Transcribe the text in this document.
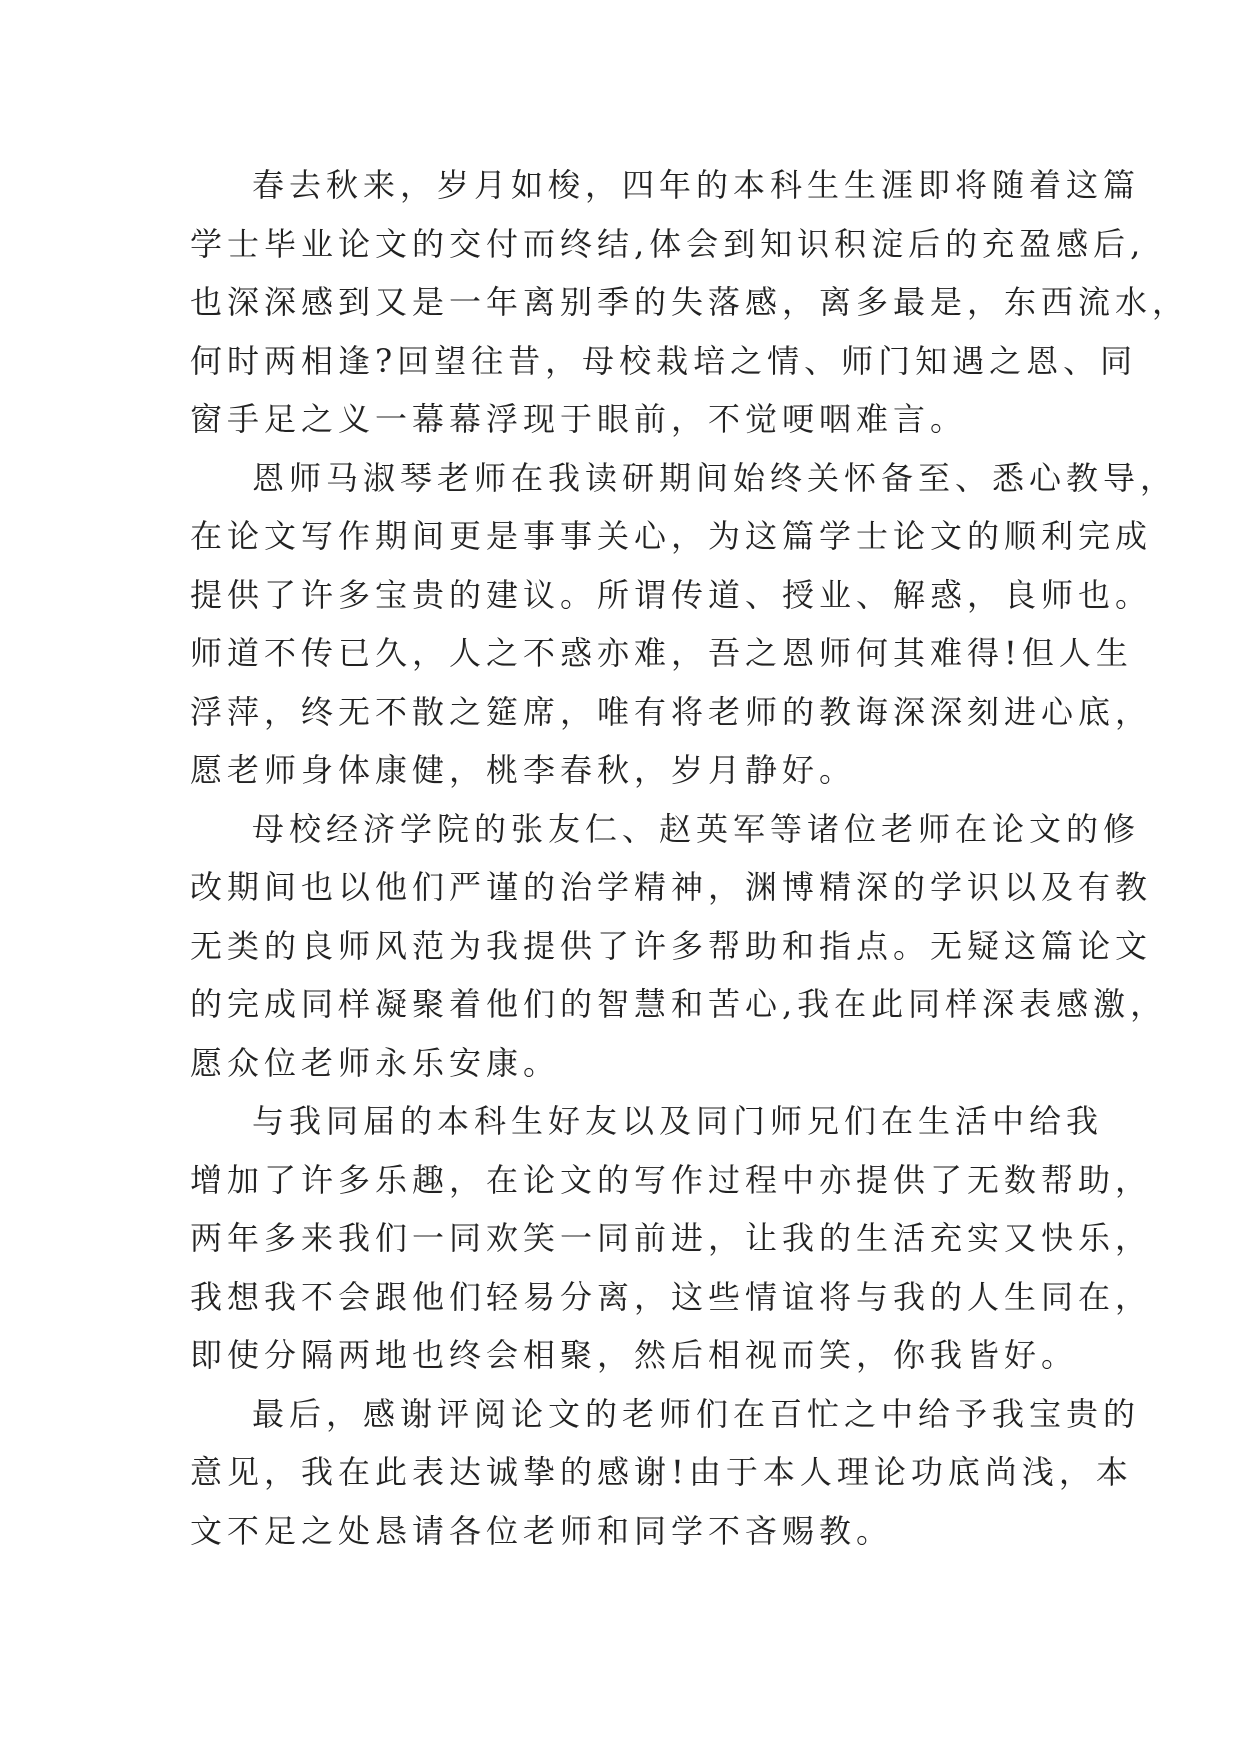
春去秋来，岁月如梭，四年的本科生生涯即将随着这篇
学士毕业论文的交付而终结,体会到知识积淀后的充盈感后,
也深深感到又是一年离别季的失落感，离多最是，东西流水，
何时两相逢?回望往昔，母校栽培之情、师门知遇之恩、同
窗手足之义一幕幕浮现于眼前，不觉哽咽难言。
恩师马淑琴老师在我读研期间始终关怀备至、悉心教导，
在论文写作期间更是事事关心，为这篇学士论文的顺利完成
提供了许多宝贵的建议。所谓传道、授业、解惑，良师也。
师道不传已久，人之不惑亦难，吾之恩师何其难得!但人生
浮萍，终无不散之筵席，唯有将老师的教诲深深刻进心底，
愿老师身体康健，桃李春秋，岁月静好。
母校经济学院的张友仁、赵英军等诸位老师在论文的修
改期间也以他们严谨的治学精神，渊博精深的学识以及有教
无类的良师风范为我提供了许多帮助和指点。无疑这篇论文
的完成同样凝聚着他们的智慧和苦心,我在此同样深表感激，
愿众位老师永乐安康。
与我同届的本科生好友以及同门师兄们在生活中给我
增加了许多乐趣，在论文的写作过程中亦提供了无数帮助，
两年多来我们一同欢笑一同前进，让我的生活充实又快乐，
我想我不会跟他们轻易分离，这些情谊将与我的人生同在，
即使分隔两地也终会相聚，然后相视而笑，你我皆好。
最后，感谢评阅论文的老师们在百忙之中给予我宝贵的
意见，我在此表达诚挚的感谢!由于本人理论功底尚浅，本
文不足之处恳请各位老师和同学不吝赐教。
